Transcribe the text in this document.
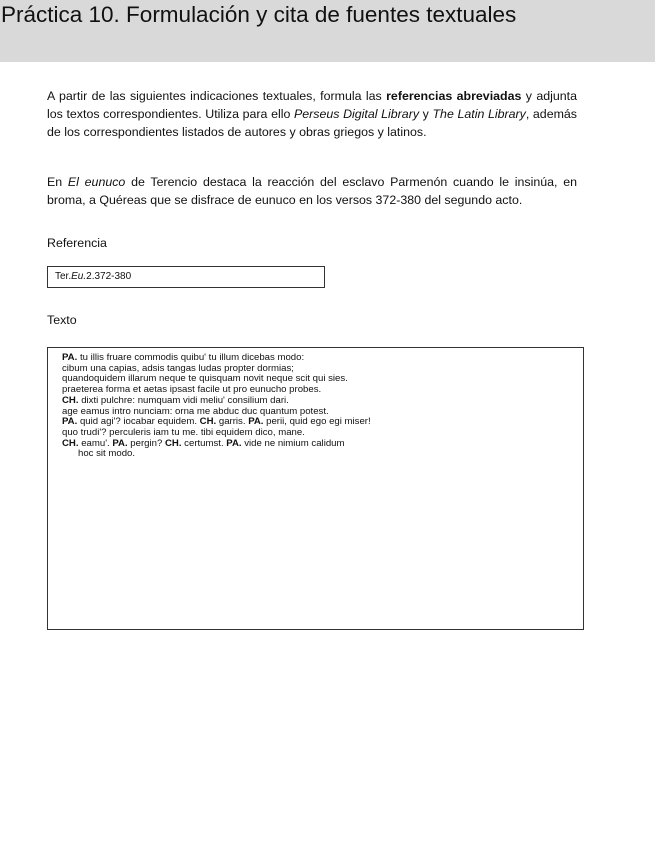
Práctica 10. Formulación y cita de fuentes textuales

A partir de las siguientes indicaciones textuales, formula las referencias abreviadas y adjunta los textos correspondientes. Utiliza para ello Perseus Digital Library y The Latin Library, además de los correspondientes listados de autores y obras griegos y latinos.

En El eunuco de Terencio destaca la reacción del esclavo Parmenón cuando le insinúa, en broma, a Quéreas que se disfrace de eunuco en los versos 372-380 del segundo acto.

Referencia

Ter.Eu.2.372-380

Texto

PA. tu illis fruare commodis quibu' tu illum dicebas modo:

cibum una capias, adsis tangas ludas propter dormias;

quandoquidem illarum neque te quisquam novit neque scit qui sies.

praeterea forma et aetas ipsast facile ut pro eunucho probes.

CH. dixti pulchre: numquam vidi meliu' consilium dari.

age eamus intro nunciam: orna me abduc duc quantum potest.

PA. quid agi'? iocabar equidem. CH. garris. PA. perii, quid ego egi miser!

quo trudi'? perculeris iam tu me. tibi equidem dico, mane.

CH. eamu'. PA. pergin? CH. certumst. PA. vide ne nimium calidum

hoc sit modo.
